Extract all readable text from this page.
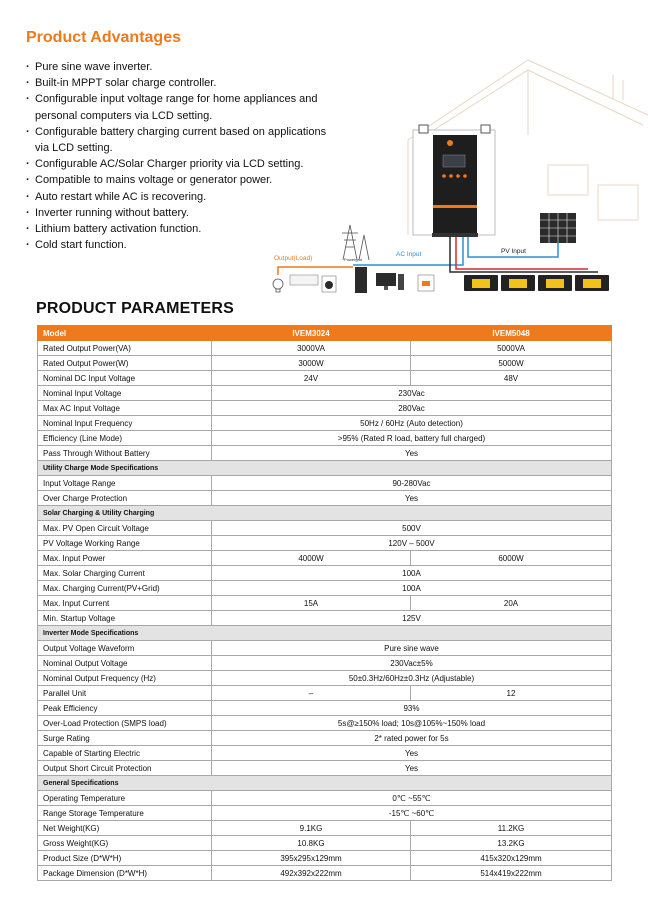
Product Advantages
· Pure sine wave inverter.
· Built-in MPPT solar charge controller.
· Configurable input voltage range for home appliances and personal computers via LCD setting.
· Configurable battery charging current based on applications via LCD setting.
· Configurable AC/Solar Charger priority via LCD setting.
· Compatible to mains voltage or generator power.
· Auto restart while AC is recovering.
· Inverter running without battery.
· Lithium battery activation function.
· Cold start function.
AC Input	PV Input
Output(Load)	Powergrid
PRODUCT PARAMETERS
Model	IVEM3024	IVEM5048
Rated Output Power(VA)	3000VA	5000VA
Rated Output Power(W)	3000W	5000W
Nominal DC Input Voltage	24V	48V
Nominal Input Voltage	230Vac	
Max AC Input Voltage	280Vac	
Nominal Input Frequency	50Hz / 60Hz (Auto detection)	
Efficiency (Line Mode)	>95% (Rated R load, battery full charged)	
Pass Through Without Battery	Yes	
Utility Charge Mode Specifications		
Input Voltage Range	90-280Vac	
Over Charge Protection	Yes	
Solar Charging & Utility Charging		
Max. PV Open Circuit Voltage	500V	
PV Voltage Working Range	120V – 500V	
Max. Input Power	4000W	6000W
Max. Solar Charging Current	100A	
Max. Charging Current(PV+Grid)	100A	
Max. Input Current	15A	20A
Min. Startup Voltage	125V	
Inverter Mode Specifications		
Output Voltage Waveform	Pure sine wave	
Nominal Output Voltage	230Vac±5%	
Nominal Output Frequency (Hz)	50±0.3Hz/60Hz±0.3Hz (Adjustable)	
Parallel Unit	–	12
Peak Efficiency	93%	
Over-Load Protection (SMPS load)	5s@≥150% load; 10s@105%~150% load	
Surge Rating	2* rated power for 5s	
Capable of Starting Electric	Yes	
Output Short Circuit Protection	Yes	
General Specifications		
Operating Temperature	0℃ ~55℃	
Range Storage Temperature	-15℃ ~60℃	
Net Weight(KG)	9.1KG	11.2KG
Gross Weight(KG)	10.8KG	13.2KG
Product Size (D*W*H)	395x295x129mm	415x320x129mm
Package Dimension (D*W*H)	492x392x222mm	514x419x222mm
